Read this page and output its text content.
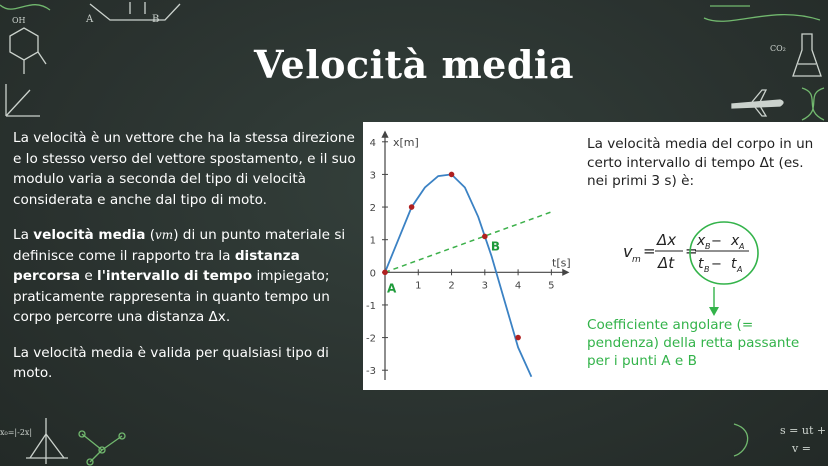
A	B
OH
x₀=|-2x|
CO₂
s = ut +
v =
Velocità media

La velocità è un vettore che ha la stessa direzione e lo stesso verso del vettore spostamento, e il suo modulo varia a seconda del tipo di velocità considerata e anche dal tipo di moto.

La velocità media (vm) di un punto materiale si definisce come il rapporto tra la distanza percorsa e l'intervallo di tempo impiegato; praticamente rappresenta in quanto tempo un corpo percorre una distanza Δx.

La velocità media è valida per qualsiasi tipo di moto.

4
3
2
1
0
-1
-2
-3
1	2	3	4	5
x[m]
t[s]
A
B
La velocità media del corpo in un certo intervallo di tempo Δt (es. nei primi 3 s) è:
v m =
Δx
Δt
=
x B − x A
t B − t A
Coefficiente angolare (= pendenza) della retta passante per i punti A e B
